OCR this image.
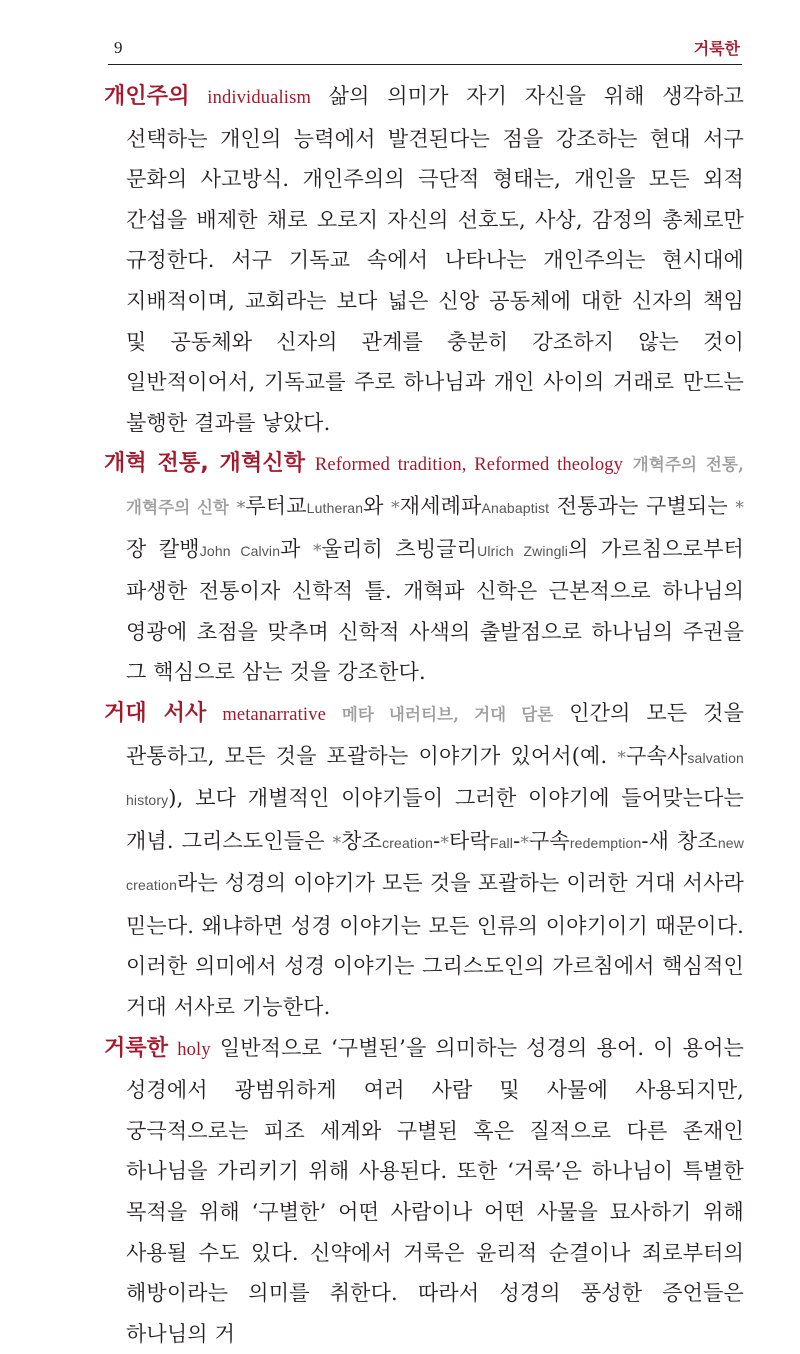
9	거룩한

개인주의 individualism 삶의 의미가 자기 자신을 위해 생각하고 선택하는 개인의 능력에서 발견된다는 점을 강조하는 현대 서구 문화의 사고방식. 개인주의의 극단적 형태는, 개인을 모든 외적 간섭을 배제한 채로 오로지 자신의 선호도, 사상, 감정의 총체로만 규정한다. 서구 기독교 속에서 나타나는 개인주의는 현시대에 지배적이며, 교회라는 보다 넓은 신앙 공동체에 대한 신자의 책임 및 공동체와 신자의 관계를 충분히 강조하지 않는 것이 일반적이어서, 기독교를 주로 하나님과 개인 사이의 거래로 만드는 불행한 결과를 낳았다.

개혁 전통, 개혁신학 Reformed tradition, Reformed theology 개혁주의 전통, 개혁주의 신학 *루터교Lutheran와 *재세례파Anabaptist 전통과는 구별되는 *장 칼뱅John Calvin과 *울리히 츠빙글리Ulrich Zwingli의 가르침으로부터 파생한 전통이자 신학적 틀. 개혁파 신학은 근본적으로 하나님의 영광에 초점을 맞추며 신학적 사색의 출발점으로 하나님의 주권을 그 핵심으로 삼는 것을 강조한다.

거대 서사 metanarrative 메타 내러티브, 거대 담론 인간의 모든 것을 관통하고, 모든 것을 포괄하는 이야기가 있어서(예. *구속사salvation history), 보다 개별적인 이야기들이 그러한 이야기에 들어맞는다는 개념. 그리스도인들은 *창조creation-*타락Fall-*구속redemption-새 창조new creation라는 성경의 이야기가 모든 것을 포괄하는 이러한 거대 서사라 믿는다. 왜냐하면 성경 이야기는 모든 인류의 이야기이기 때문이다. 이러한 의미에서 성경 이야기는 그리스도인의 가르침에서 핵심적인 거대 서사로 기능한다.

거룩한 holy 일반적으로 ‘구별된’을 의미하는 성경의 용어. 이 용어는 성경에서 광범위하게 여러 사람 및 사물에 사용되지만, 궁극적으로는 피조 세계와 구별된 혹은 질적으로 다른 존재인 하나님을 가리키기 위해 사용된다. 또한 ‘거룩’은 하나님이 특별한 목적을 위해 ‘구별한’ 어떤 사람이나 어떤 사물을 묘사하기 위해 사용될 수도 있다. 신약에서 거룩은 윤리적 순결이나 죄로부터의 해방이라는 의미를 취한다. 따라서 성경의 풍성한 증언들은 하나님의 거
